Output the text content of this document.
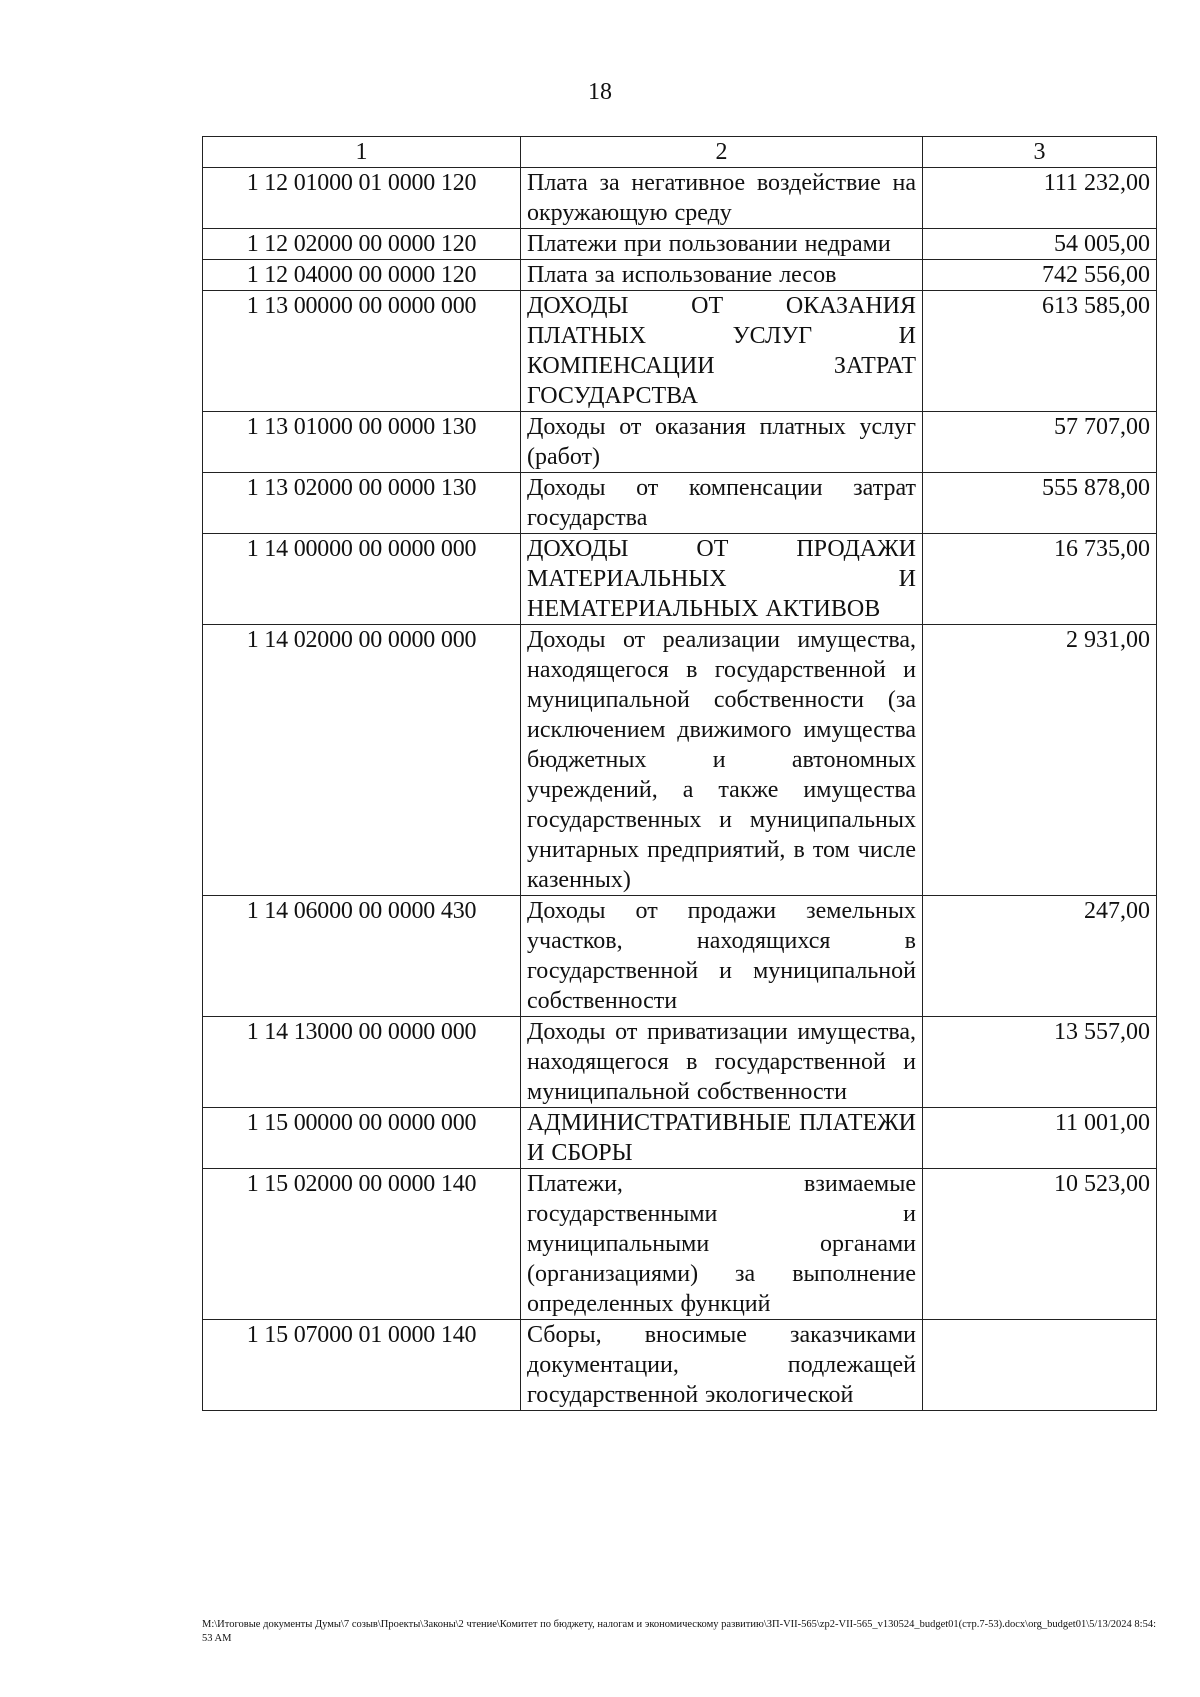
18
1	2	3
1 12 01000 01 0000 120	Плата за негативное воздействие на окружающую среду	111 232,00
1 12 02000 00 0000 120	Платежи при пользовании недрами	54 005,00
1 12 04000 00 0000 120	Плата за использование лесов	742 556,00
1 13 00000 00 0000 000	ДОХОДЫ ОТ ОКАЗАНИЯ ПЛАТНЫХ УСЛУГ И КОМПЕНСАЦИИ ЗАТРАТ ГОСУДАРСТВА	613 585,00
1 13 01000 00 0000 130	Доходы от оказания платных услуг (работ)	57 707,00
1 13 02000 00 0000 130	Доходы от компенсации затрат государства	555 878,00
1 14 00000 00 0000 000	ДОХОДЫ ОТ ПРОДАЖИ МАТЕРИАЛЬНЫХ И НЕМАТЕРИАЛЬНЫХ АКТИВОВ	16 735,00
1 14 02000 00 0000 000	Доходы от реализации имущества, находящегося в государственной и муниципальной собственности (за исключением движимого имущества бюджетных и автономных учреждений, а также имущества государственных и муниципальных унитарных предприятий, в том числе казенных)	2 931,00
1 14 06000 00 0000 430	Доходы от продажи земельных участков, находящихся в государственной и муниципальной собственности	247,00
1 14 13000 00 0000 000	Доходы от приватизации имущества, находящегося в государственной и муниципальной собственности	13 557,00
1 15 00000 00 0000 000	АДМИНИСТРАТИВНЫЕ ПЛАТЕЖИ И СБОРЫ	11 001,00
1 15 02000 00 0000 140	Платежи, взимаемые государственными и муниципальными органами (организациями) за выполнение определенных функций	10 523,00
1 15 07000 01 0000 140	Сборы, вносимые заказчиками документации, подлежащей государственной экологической	
M:\Итоговые документы Думы\7 созыв\Проекты\Законы\2 чтение\Комитет по бюджету, налогам и экономическому развитию\ЗП-VII-565\zp2-VII-565_v130524_budget01(стр.7-53).docx\org_budget01\5/13/2024 8:54:53 AM
